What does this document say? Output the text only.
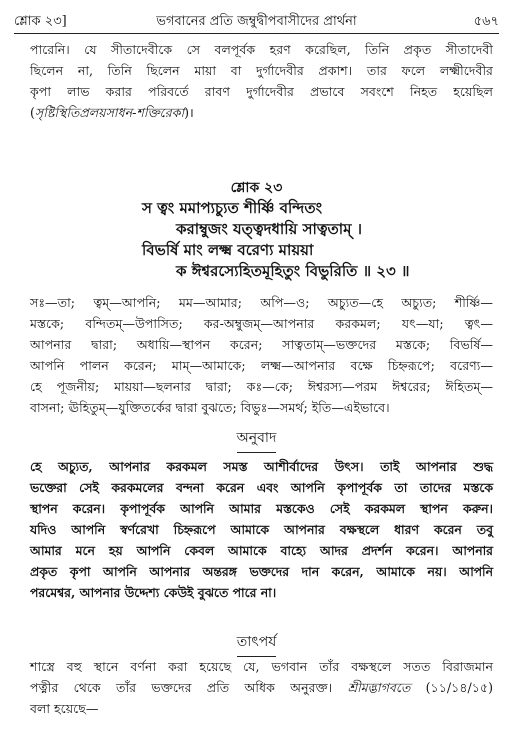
শ্লোক ২৩]	ভগবানের প্রতি জম্বুদ্বীপবাসীদের প্রার্থনা	৫৬৭
পারেনি। যে সীতাদেবীকে সে বলপূর্বক হরণ করেছিল, তিনি প্রকৃত সীতাদেবী
ছিলেন না, তিনি ছিলেন মায়া বা দুর্গাদেবীর প্রকাশ। তার ফলে লক্ষ্মীদেবীর
কৃপা লাভ করার পরিবর্তে রাবণ দুর্গাদেবীর প্রভাবে সবংশে নিহত হয়েছিল
(সৃষ্টিস্থিতিপ্রলয়সাধন-শক্তিরেকা)।
শ্লোক ২৩
স ত্বং মমাপ্যচ্যুত শীর্ষ্ণি বন্দিতং
করাম্বুজং যত্ত্বদধায়ি সাত্বতাম্ ।
বিভর্ষি মাং লক্ষ্ম বরেণ্য মায়য়া
ক ঈশ্বরস্যেহিতমূহিতুং বিভুরিতি ॥ ২৩ ॥
সঃ—তা; ত্বম্—আপনি; মম—আমার; অপি—ও; অচ্যুত—হে অচ্যুত; শীর্ষ্ণি—
মস্তকে; বন্দিতম্—উপাসিত; কর-অম্বুজম্—আপনার করকমল; যৎ—যা; ত্বৎ—
আপনার দ্বারা; অধায়ি—স্থাপন করেন; সাত্বতাম্—ভক্তদের মস্তকে; বিভর্ষি—
আপনি পালন করেন; মাম্—আমাকে; লক্ষ্ম—আপনার বক্ষে চিহ্নরূপে; বরেণ্য—
হে পূজনীয়; মায়য়া—ছলনার দ্বারা; কঃ—কে; ঈশ্বরস্য—পরম ঈশ্বরের; ঈহিতম্—
বাসনা; ঊহিতুম্—যুক্তিতর্কের দ্বারা বুঝতে; বিভুঃ—সমর্থ; ইতি—এইভাবে।
অনুবাদ
হে অচ্যুত, আপনার করকমল সমস্ত আশীর্বাদের উৎস। তাই আপনার শুদ্ধ
ভক্তেরা সেই করকমলের বন্দনা করেন এবং আপনি কৃপাপূর্বক তা তাদের মস্তকে
স্থাপন করেন। কৃপাপূর্বক আপনি আমার মস্তকেও সেই করকমল স্থাপন করুন।
যদিও আপনি স্বর্ণরেখা চিহ্নরূপে আমাকে আপনার বক্ষস্থলে ধারণ করেন তবু
আমার মনে হয় আপনি কেবল আমাকে বাহ্যে আদর প্রদর্শন করেন। আপনার
প্রকৃত কৃপা আপনি আপনার অন্তরঙ্গ ভক্তদের দান করেন, আমাকে নয়। আপনি
পরমেশ্বর, আপনার উদ্দেশ্য কেউই বুঝতে পারে না।
তাৎপর্য
শাস্ত্রে বহু স্থানে বর্ণনা করা হয়েছে যে, ভগবান তাঁর বক্ষস্থলে সতত বিরাজমান
পত্নীর থেকে তাঁর ভক্তদের প্রতি অধিক অনুরক্ত। শ্রীমদ্ভাগবতে (১১/১৪/১৫)
বলা হয়েছে—
